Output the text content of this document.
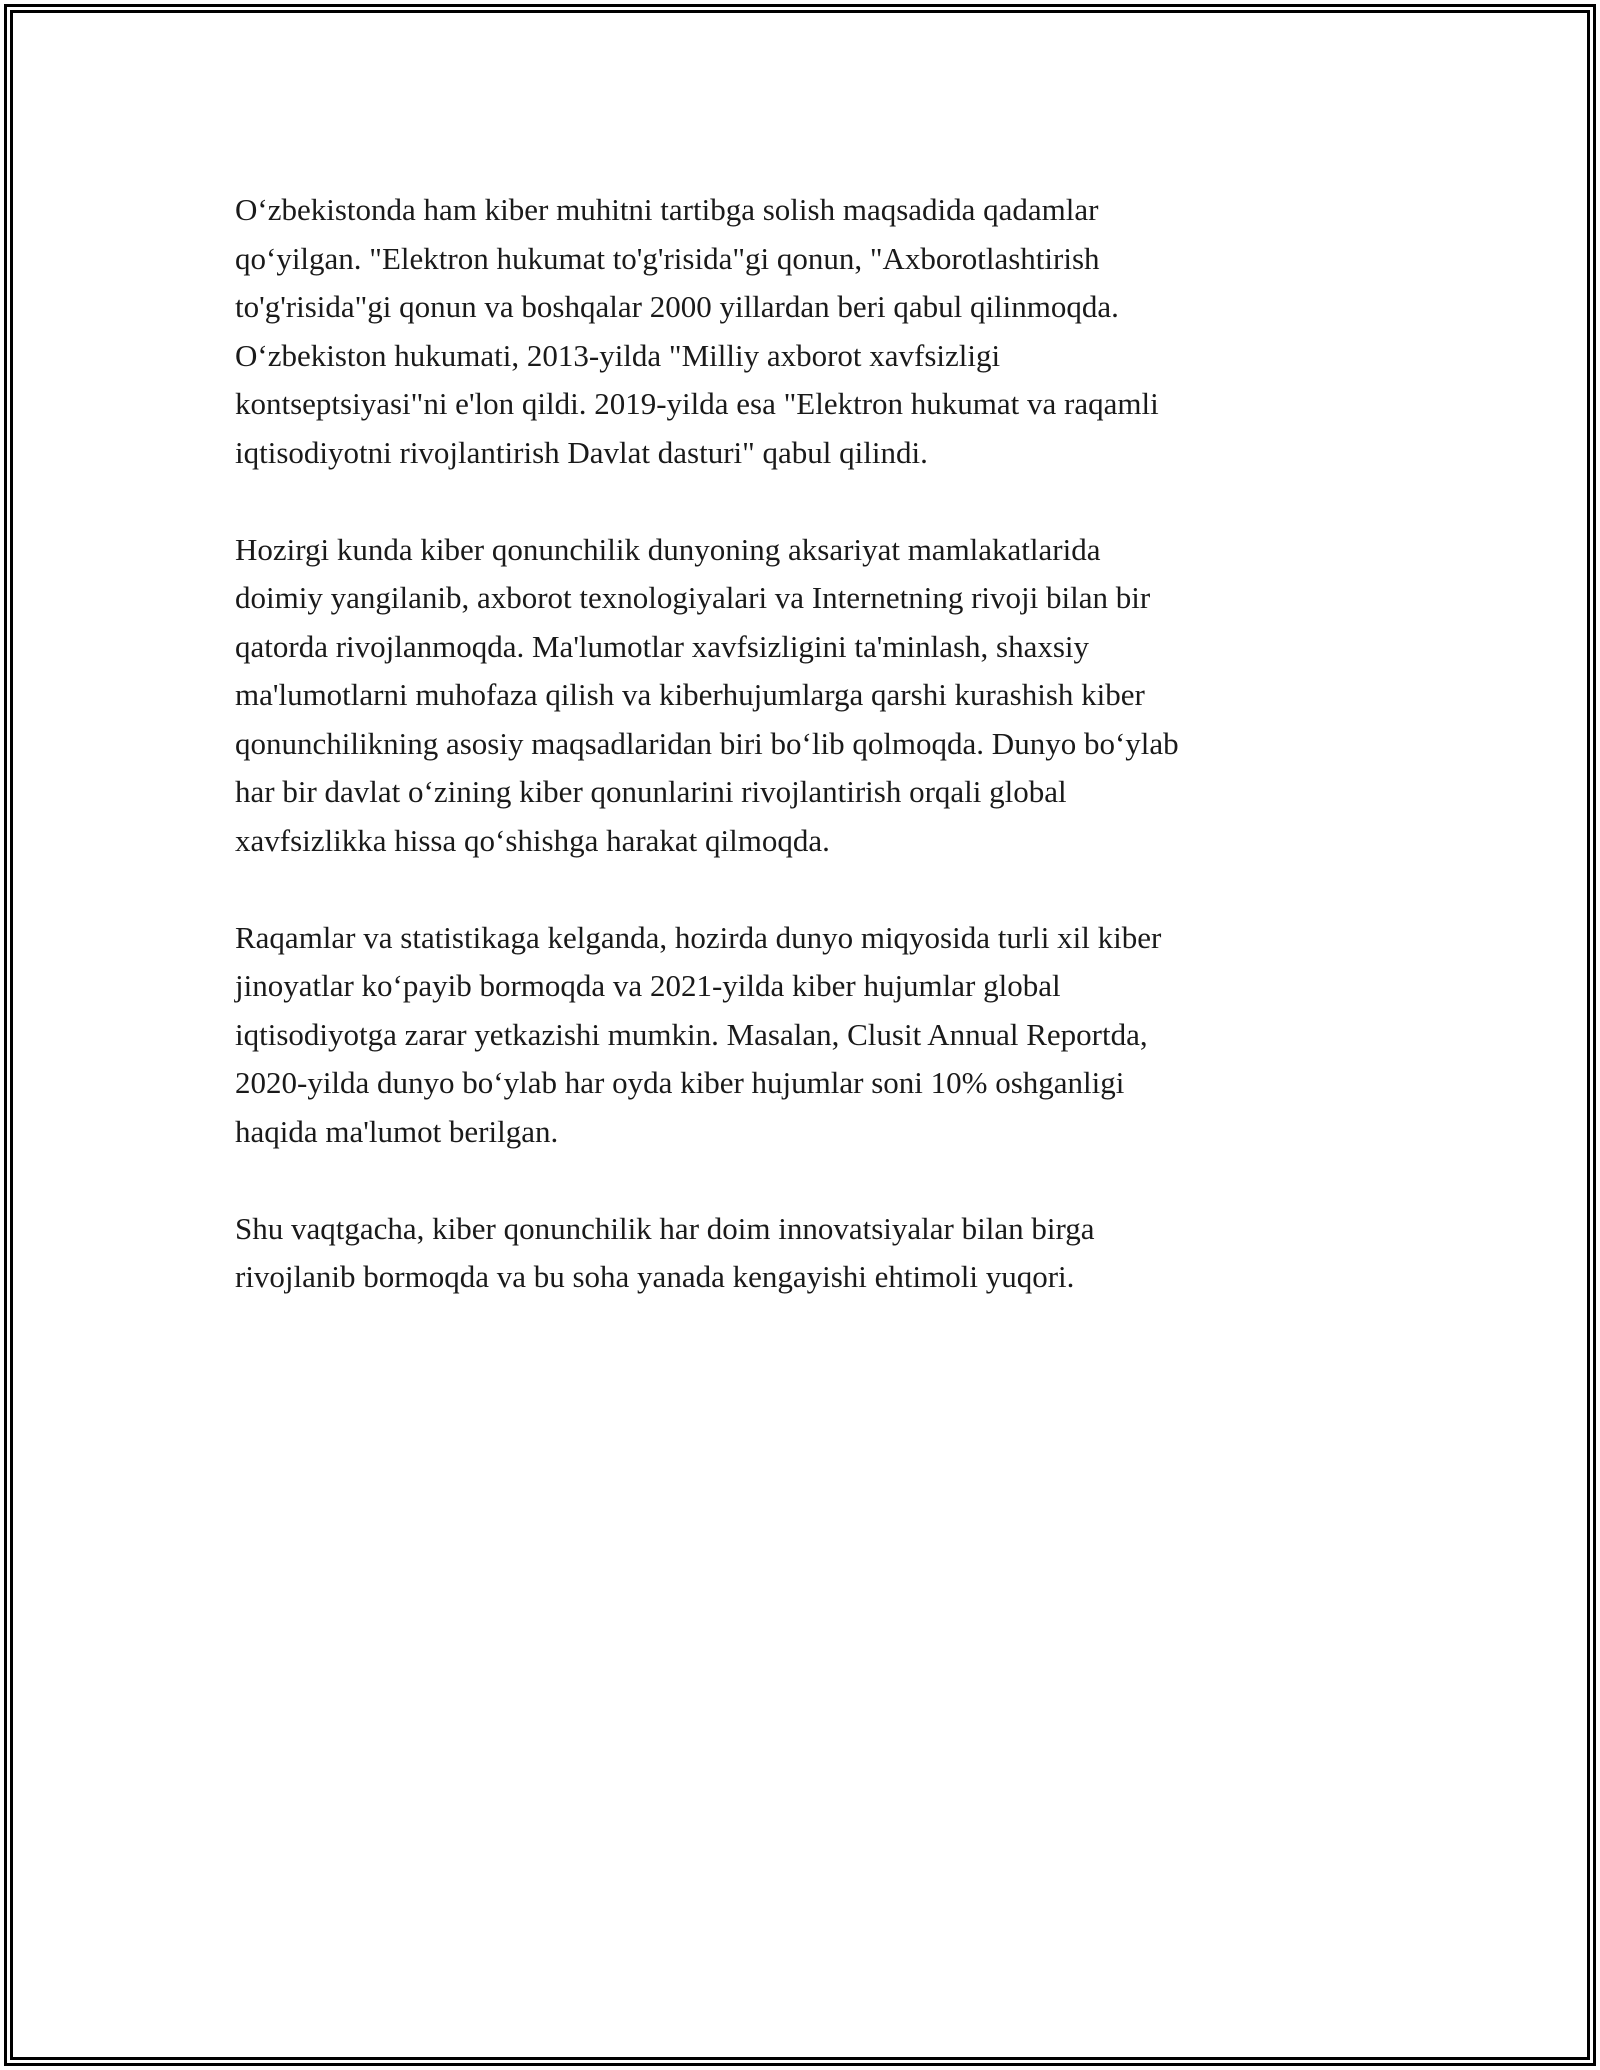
O‘zbekistonda ham kiber muhitni tartibga solish maqsadida qadamlar
qo‘yilgan. "Elektron hukumat to'g'risida"gi qonun, "Axborotlashtirish
to'g'risida"gi qonun va boshqalar 2000 yillardan beri qabul qilinmoqda.
O‘zbekiston hukumati, 2013-yilda "Milliy axborot xavfsizligi
kontseptsiyasi"ni e'lon qildi. 2019-yilda esa "Elektron hukumat va raqamli
iqtisodiyotni rivojlantirish Davlat dasturi" qabul qilindi.

Hozirgi kunda kiber qonunchilik dunyoning aksariyat mamlakatlarida
doimiy yangilanib, axborot texnologiyalari va Internetning rivoji bilan bir
qatorda rivojlanmoqda. Ma'lumotlar xavfsizligini ta'minlash, shaxsiy
ma'lumotlarni muhofaza qilish va kiberhujumlarga qarshi kurashish kiber
qonunchilikning asosiy maqsadlaridan biri bo‘lib qolmoqda. Dunyo bo‘ylab
har bir davlat o‘zining kiber qonunlarini rivojlantirish orqali global
xavfsizlikka hissa qo‘shishga harakat qilmoqda.

Raqamlar va statistikaga kelganda, hozirda dunyo miqyosida turli xil kiber
jinoyatlar ko‘payib bormoqda va 2021-yilda kiber hujumlar global
iqtisodiyotga zarar yetkazishi mumkin. Masalan, Clusit Annual Reportda,
2020-yilda dunyo bo‘ylab har oyda kiber hujumlar soni 10% oshganligi
haqida ma'lumot berilgan.

Shu vaqtgacha, kiber qonunchilik har doim innovatsiyalar bilan birga
rivojlanib bormoqda va bu soha yanada kengayishi ehtimoli yuqori.
